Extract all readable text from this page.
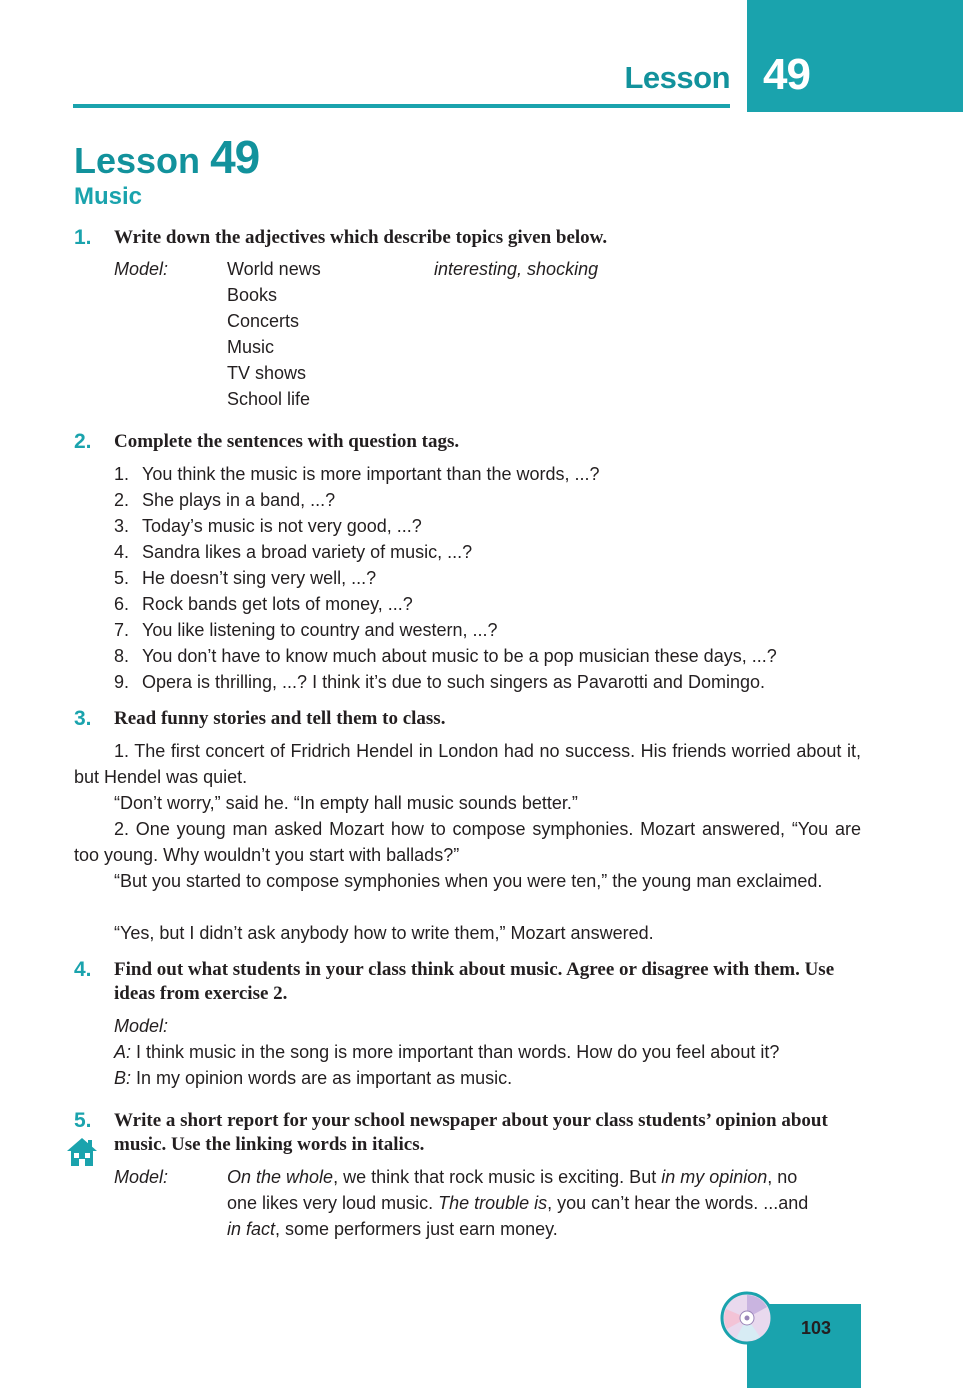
Lesson 49
Lesson 49
Music
1. Write down the adjectives which describe topics given below.
Model:	World news	interesting, shocking
Books
Concerts
Music
TV shows
School life
2. Complete the sentences with question tags.
1. You think the music is more important than the words, ...?
2. She plays in a band, ...?
3. Today’s music is not very good, ...?
4. Sandra likes a broad variety of music, ...?
5. He doesn’t sing very well, ...?
6. Rock bands get lots of money, ...?
7. You like listening to country and western, ...?
8. You don’t have to know much about music to be a pop musician these days, ...?
9. Opera is thrilling, ...? I think it’s due to such singers as Pavarotti and Domingo.
3. Read funny stories and tell them to class.
1. The first concert of Fridrich Hendel in London had no success. His friends worried about it, but Hendel was quiet.
“Don’t worry,” said he. “In empty hall music sounds better.”
2. One young man asked Mozart how to compose symphonies. Mozart answered, “You are too young. Why wouldn’t you start with ballads?”
“But you started to compose symphonies when you were ten,” the young man exclaimed.
“Yes, but I didn’t ask anybody how to write them,” Mozart answered.
4. Find out what students in your class think about music. Agree or disagree with them. Use ideas from exercise 2.
Model:
A: I think music in the song is more important than words. How do you feel about it?
B: In my opinion words are as important as music.
5. Write a short report for your school newspaper about your class students’ opinion about music. Use the linking words in italics.
Model:	On the whole, we think that rock music is exciting. But in my opinion, no
one likes very loud music. The trouble is, you can’t hear the words. ...and
in fact, some performers just earn money.
103
